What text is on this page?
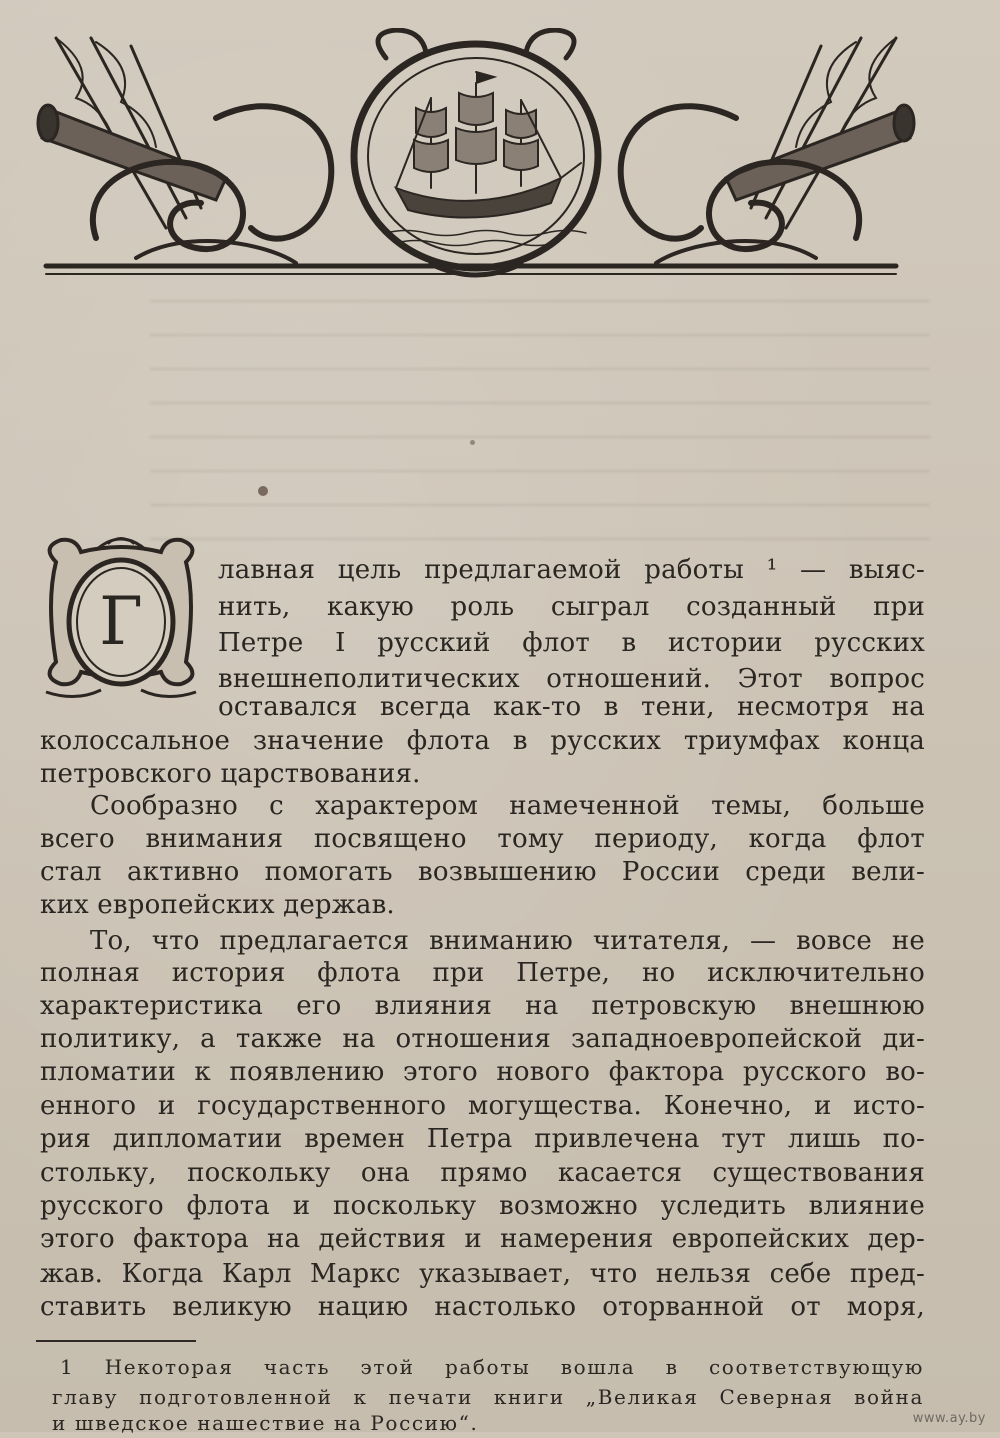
Г
лавная цель предлагаемой работы ¹ — выяс-
нить, какую роль сыграл созданный при
Петре I русский флот в истории русских
внешнеполитических отношений. Этот вопрос
оставался всегда как-то в тени, несмотря на
колоссальное значение флота в русских триумфах конца
петровского царствования.
Сообразно с характером намеченной темы, больше
всего внимания посвящено тому периоду, когда флот
стал активно помогать возвышению России среди вели-
ких европейских держав.
То, что предлагается вниманию читателя, — вовсе не
полная история флота при Петре, но исключительно
характеристика его влияния на петровскую внешнюю
политику, а также на отношения западноевропейской ди-
пломатии к появлению этого нового фактора русского во-
енного и государственного могущества. Конечно, и исто-
рия дипломатии времен Петра привлечена тут лишь по-
стольку, поскольку она прямо касается существования
русского флота и поскольку возможно уследить влияние
этого фактора на действия и намерения европейских дер-
жав. Когда Карл Маркс указывает, что нельзя себе пред-
ставить великую нацию настолько оторванной от моря,
1 Некоторая часть этой работы вошла в соответствующую
главу подготовленной к печати книги „Великая Северная война
и шведское нашествие на Россию“.	www.ay.by
